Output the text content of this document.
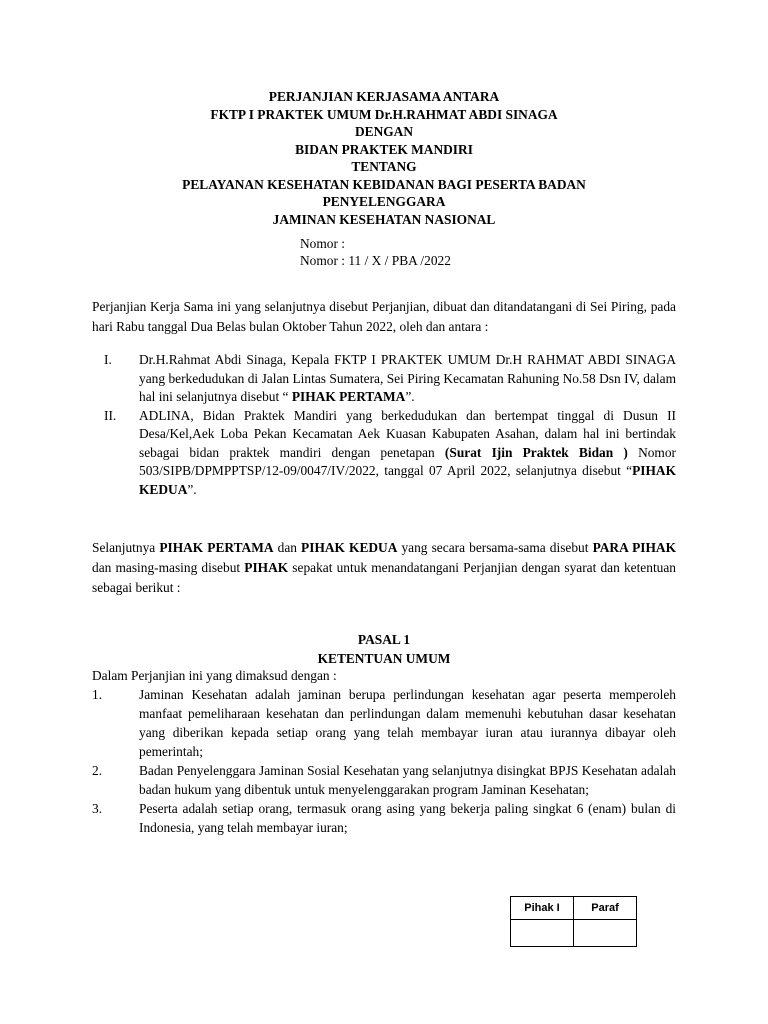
PERJANJIAN KERJASAMA ANTARA
FKTP I PRAKTEK UMUM Dr.H.RAHMAT ABDI SINAGA
DENGAN
BIDAN PRAKTEK MANDIRI
TENTANG
PELAYANAN KESEHATAN KEBIDANAN BAGI PESERTA BADAN
PENYELENGGARA
JAMINAN KESEHATAN NASIONAL
Nomor :
Nomor : 11 / X / PBA /2022
Perjanjian Kerja Sama ini yang selanjutnya disebut Perjanjian, dibuat dan ditandatangani di Sei Piring, pada hari Rabu tanggal Dua Belas bulan Oktober Tahun 2022, oleh dan antara :
I.	Dr.H.Rahmat Abdi Sinaga, Kepala FKTP I PRAKTEK UMUM Dr.H RAHMAT ABDI SINAGA yang berkedudukan di Jalan Lintas Sumatera, Sei Piring Kecamatan Rahuning No.58 Dsn IV, dalam hal ini selanjutnya disebut “ PIHAK PERTAMA”.
II.	ADLINA, Bidan Praktek Mandiri yang berkedudukan dan bertempat tinggal di Dusun II Desa/Kel,Aek Loba Pekan Kecamatan Aek Kuasan Kabupaten Asahan, dalam hal ini bertindak sebagai bidan praktek mandiri dengan penetapan (Surat Ijin Praktek Bidan ) Nomor 503/SIPB/DPMPPTSP/12-09/0047/IV/2022, tanggal 07 April 2022, selanjutnya disebut “PIHAK KEDUA”.
Selanjutnya PIHAK PERTAMA dan PIHAK KEDUA yang secara bersama-sama disebut PARA PIHAK dan masing-masing disebut PIHAK sepakat untuk menandatangani Perjanjian dengan syarat dan ketentuan sebagai berikut :
PASAL 1
KETENTUAN UMUM
Dalam Perjanjian ini yang dimaksud dengan :
1.	Jaminan Kesehatan adalah jaminan berupa perlindungan kesehatan agar peserta memperoleh manfaat pemeliharaan kesehatan dan perlindungan dalam memenuhi kebutuhan dasar kesehatan yang diberikan kepada setiap orang yang telah membayar iuran atau iurannya dibayar oleh pemerintah;
2.	Badan Penyelenggara Jaminan Sosial Kesehatan yang selanjutnya disingkat BPJS Kesehatan adalah badan hukum yang dibentuk untuk menyelenggarakan program Jaminan Kesehatan;
3.	Peserta adalah setiap orang, termasuk orang asing yang bekerja paling singkat 6 (enam) bulan di Indonesia, yang telah membayar iuran;
Pihak I	Paraf
